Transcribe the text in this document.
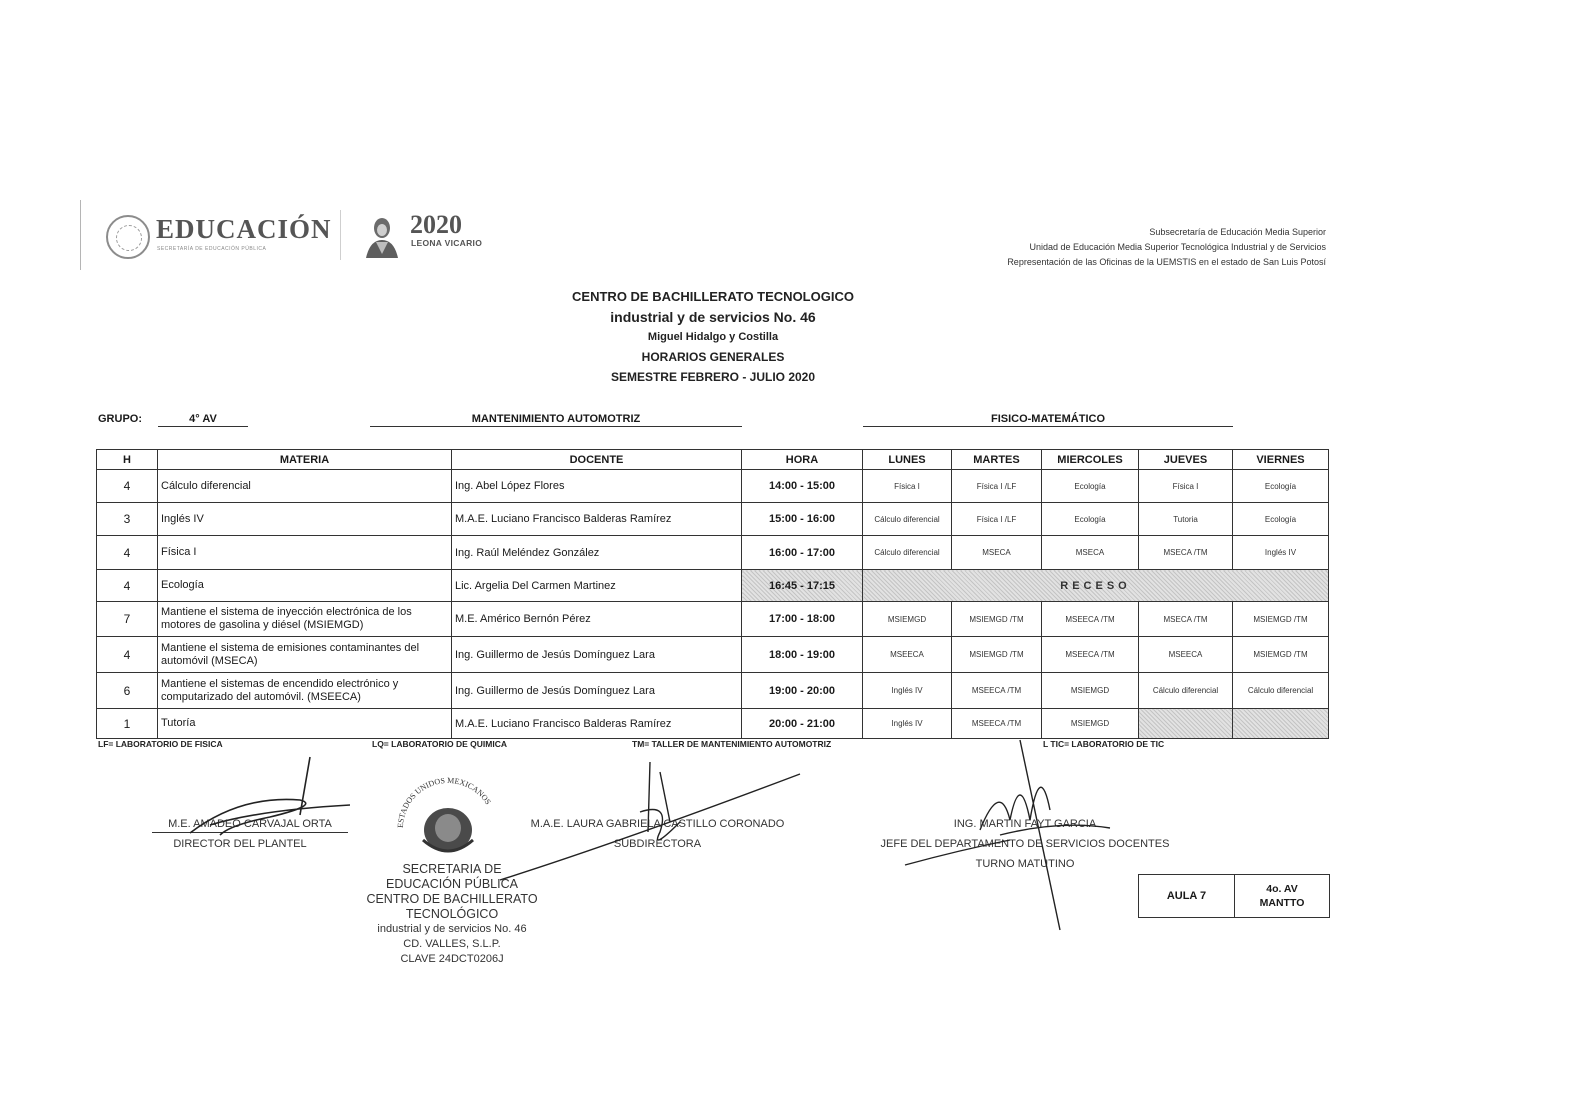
EDUCACIÓN
SECRETARÍA DE EDUCACIÓN PÚBLICA
2020
LEONA VICARIO
Subsecretaría de Educación Media Superior
Unidad de Educación Media Superior Tecnológica Industrial y de Servicios
Representación de las Oficinas de la UEMSTIS en el estado de San Luis Potosí
CENTRO DE BACHILLERATO TECNOLOGICO
industrial y de servicios No. 46
Miguel Hidalgo y Costilla
HORARIOS GENERALES
SEMESTRE FEBRERO - JULIO 2020
GRUPO:	4° AV	MANTENIMIENTO AUTOMOTRIZ	FISICO-MATEMÁTICO
H	MATERIA	DOCENTE	HORA	LUNES	MARTES	MIERCOLES	JUEVES	VIERNES
4	Cálculo diferencial	Ing. Abel López Flores	14:00 - 15:00	Física I	Física I /LF	Ecología	Física I	Ecología
3	Inglés IV	M.A.E. Luciano Francisco Balderas Ramírez	15:00 - 16:00	Cálculo diferencial	Física I /LF	Ecología	Tutoria	Ecología
4	Física I	Ing. Raúl Meléndez González	16:00 - 17:00	Cálculo diferencial	MSECA	MSECA	MSECA /TM	Inglés IV
4	Ecología	Lic. Argelia Del Carmen Martinez	16:45 - 17:15	RECESO				
7	Mantiene el sistema de inyección electrónica de los motores de gasolina y diésel (MSIEMGD)	M.E. Américo Bernón Pérez	17:00 - 18:00	MSIEMGD	MSIEMGD /TM	MSEECA /TM	MSECA /TM	MSIEMGD /TM
4	Mantiene el sistema de emisiones contaminantes del automóvil (MSECA)	Ing. Guillermo de Jesús Domínguez Lara	18:00 - 19:00	MSEECA	MSIEMGD /TM	MSEECA /TM	MSEECA	MSIEMGD /TM
6	Mantiene el sistemas de encendido electrónico y computarizado del automóvil. (MSEECA)	Ing. Guillermo de Jesús Domínguez Lara	19:00 - 20:00	Inglés IV	MSEECA /TM	MSIEMGD	Cálculo diferencial	Cálculo diferencial
1	Tutoría	M.A.E. Luciano Francisco Balderas Ramírez	20:00 - 21:00	Inglés IV	MSEECA /TM	MSIEMGD		
LF= LABORATORIO DE FISICA	LQ= LABORATORIO DE QUIMICA	TM= TALLER DE MANTENIMIENTO AUTOMOTRIZ	L TIC= LABORATORIO DE TIC
M.E. AMADEO CARVAJAL ORTA
DIRECTOR DEL PLANTEL
ESTADOS UNIDOS MEXICANOS
SECRETARIA DE
EDUCACIÓN PÚBLICA
CENTRO DE BACHILLERATO
TECNOLÓGICO
industrial y de servicios No. 46
CD. VALLES, S.L.P.
CLAVE 24DCT0206J
M.A.E. LAURA GABRIELA CASTILLO CORONADO
SUBDIRECTORA
ING. MARTIN FAYT GARCIA
JEFE DEL DEPARTAMENTO DE SERVICIOS DOCENTES
TURNO MATUTINO
AULA 7
4o. AV
MANTTO
